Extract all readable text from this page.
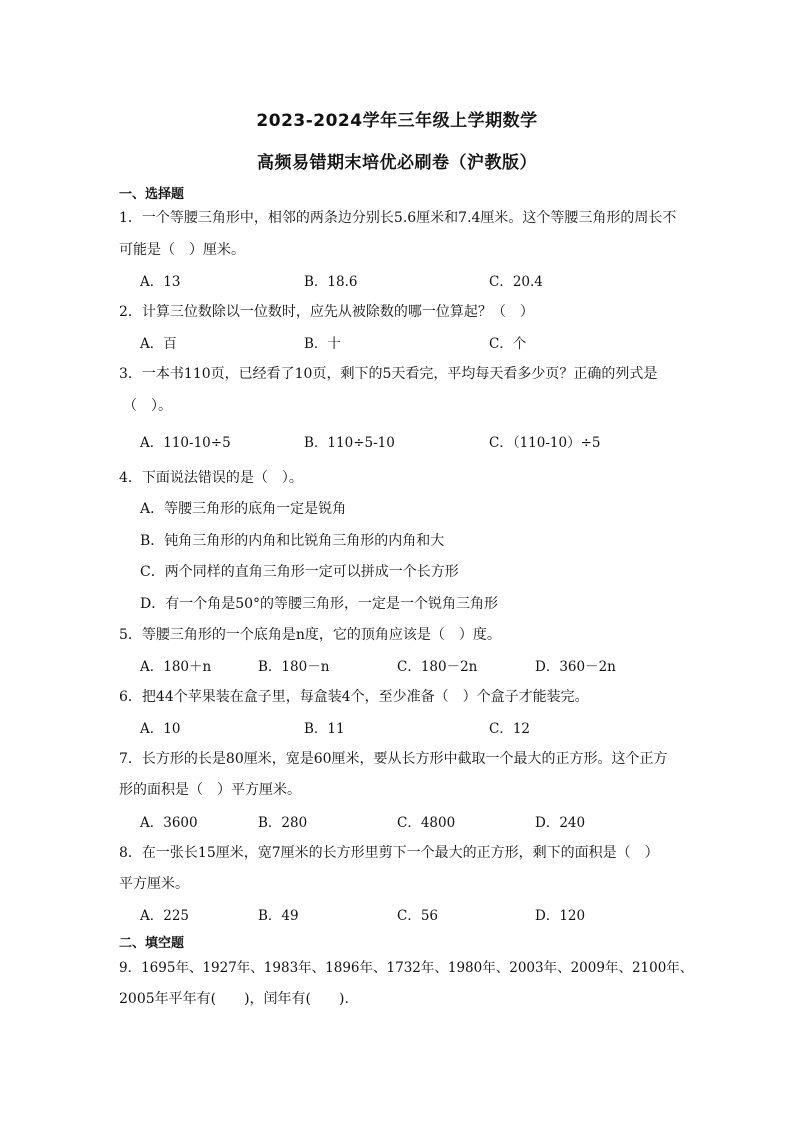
2023-2024学年三年级上学期数学
高频易错期末培优必刷卷（沪教版）
一、选择题
1．一个等腰三角形中，相邻的两条边分别长5.6厘米和7.4厘米。这个等腰三角形的周长不
可能是（　）厘米。
A．13	B．18.6	C．20.4
2．计算三位数除以一位数时，应先从被除数的哪一位算起？（　）
A．百	B．十	C．个
3．一本书110页，已经看了10页，剩下的5天看完，平均每天看多少页？正确的列式是
（　）。
A．110-10÷5	B．110÷5-10	C．（110-10）÷5
4．下面说法错误的是（　）。
A．等腰三角形的底角一定是锐角
B．钝角三角形的内角和比锐角三角形的内角和大
C．两个同样的直角三角形一定可以拼成一个长方形
D．有一个角是50°的等腰三角形，一定是一个锐角三角形
5．等腰三角形的一个底角是n度，它的顶角应该是（　）度。
A．180＋n	B．180－n	C．180－2n	D．360－2n
6．把44个苹果装在盒子里，每盒装4个，至少准备（　）个盒子才能装完。
A．10	B．11	C．12
7．长方形的长是80厘米，宽是60厘米，要从长方形中截取一个最大的正方形。这个正方
形的面积是（　）平方厘米。
A．3600	B．280	C．4800	D．240
8．在一张长15厘米，宽7厘米的长方形里剪下一个最大的正方形，剩下的面积是（　）
平方厘米。
A．225	B．49	C．56	D．120
二、填空题
9．1695年、1927年、1983年、1896年、1732年、1980年、2003年、2009年、2100年、
2005年平年有(　　)，闰年有(　　).
